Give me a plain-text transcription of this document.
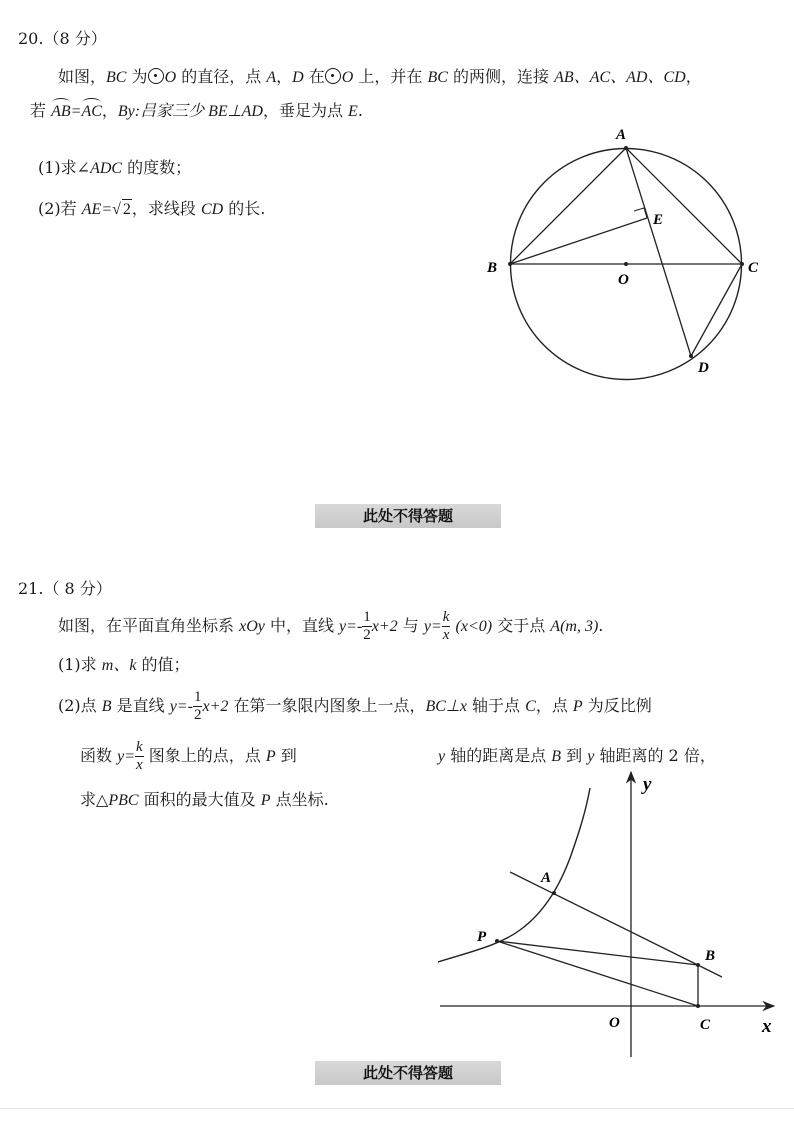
20.（8 分）
如图，BC 为 O 的直径，点 A，D 在 O 上，并在 BC 的两侧，连接 AB、AC、AD、CD，
若 AB=AC，By:吕家三少 BE⊥AD，垂足为点 E.
(1)求∠ADC 的度数；
(2)若 AE=√ 2，求线段 CD 的长.
A
B	C
D
E
O
此处不得答题
21.（ 8 分）
如图，在平面直角坐标系 xOy 中，直线 $y=- \frac{1}{2} x+2$ 与 $y= \frac{k}{x} (x<0)$ 交于点 A(m, 3).
(1)求 m、k 的值；
(2)点 B 是直线 $y=- \frac{1}{2} x+2$ 在第一象限内图象上一点，BC⊥x 轴于点 C，点 P 为反比例
函数 $y= \frac{k}{x}$ 图象上的点，点 P 到	y 轴的距离是点 B 到 y 轴距离的 2 倍，
求△PBC 面积的最大值及 P 点坐标.
A
P
B
C
O	x
y
此处不得答题
